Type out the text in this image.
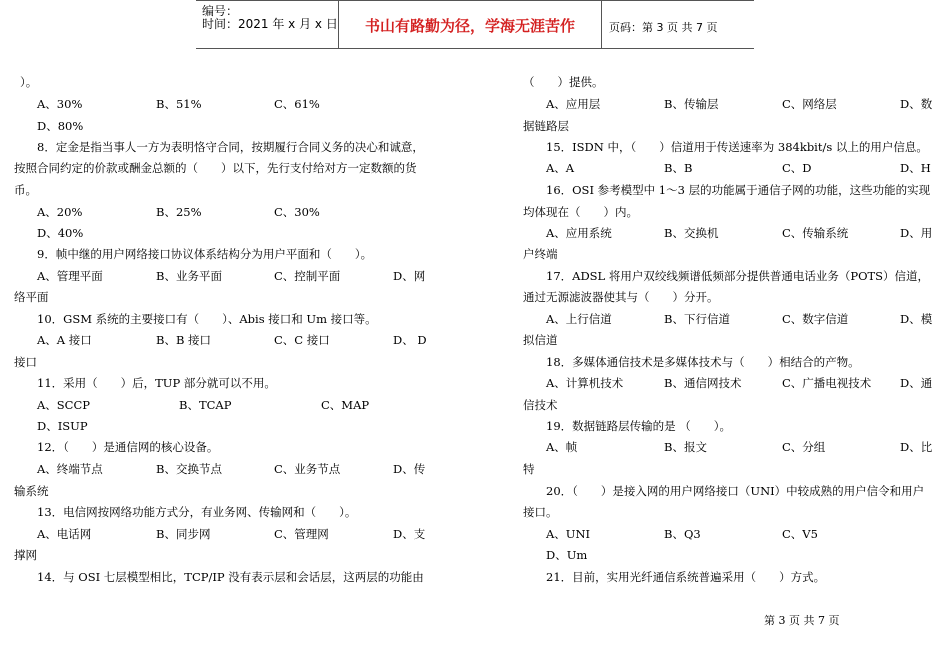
编号：
时间：2021 年 x 月 x 日	书山有路勤为径，学海无涯苦作	页码：第 3 页 共 7 页
）。
A、30%	B、51%	C、61%
D、80%
8．定金是指当事人一方为表明恪守合同，按期履行合同义务的决心和诚意，
按照合同约定的价款或酬金总额的（　　）以下，先行支付给对方一定数额的货
币。
A、20%	B、25%	C、30%
D、40%
9．帧中继的用户网络接口协议体系结构分为用户平面和（　　）。
A、管理平面	B、业务平面	C、控制平面	D、网
络平面
10．GSM 系统的主要接口有（　　）、Abis 接口和 Um 接口等。
A、A 接口	B、B 接口	C、C 接口	D、 D
接口
11．采用（　　）后，TUP 部分就可以不用。
A、SCCP	B、TCAP	C、MAP
D、ISUP
12．（　　）是通信网的核心设备。
A、终端节点	B、交换节点	C、业务节点	D、传
输系统
13．电信网按网络功能方式分，有业务网、传输网和（　　）。
A、电话网	B、同步网	C、管理网	D、支
撑网
14．与 OSI 七层模型相比，TCP/IP 没有表示层和会话层，这两层的功能由
（　　）提供。
A、应用层	B、传输层	C、网络层	D、数
据链路层
15．ISDN 中，（　　）信道用于传送速率为 384kbit/s 以上的用户信息。
A、A	B、B	C、D	D、H
16．OSI 参考模型中 1～3 层的功能属于通信子网的功能，这些功能的实现
均体现在（　　）内。
A、应用系统	B、交换机	C、传输系统	D、用
户终端
17．ADSL 将用户双绞线频谱低频部分提供普通电话业务（POTS）信道，
通过无源滤波器使其与（　　）分开。
A、上行信道	B、下行信道	C、数字信道	D、模
拟信道
18．多媒体通信技术是多媒体技术与（　　）相结合的产物。
A、计算机技术	B、通信网技术	C、广播电视技术 D、通
信技术
19．数据链路层传输的是 （　　）。
A、帧	B、报文	C、分组	D、比
特
20．（　　）是接入网的用户网络接口（UNI）中较成熟的用户信令和用户
接口。
A、UNI	B、Q3	C、V5
D、Um
21．目前，实用光纤通信系统普遍采用（　　）方式。
第 3 页 共 7 页
